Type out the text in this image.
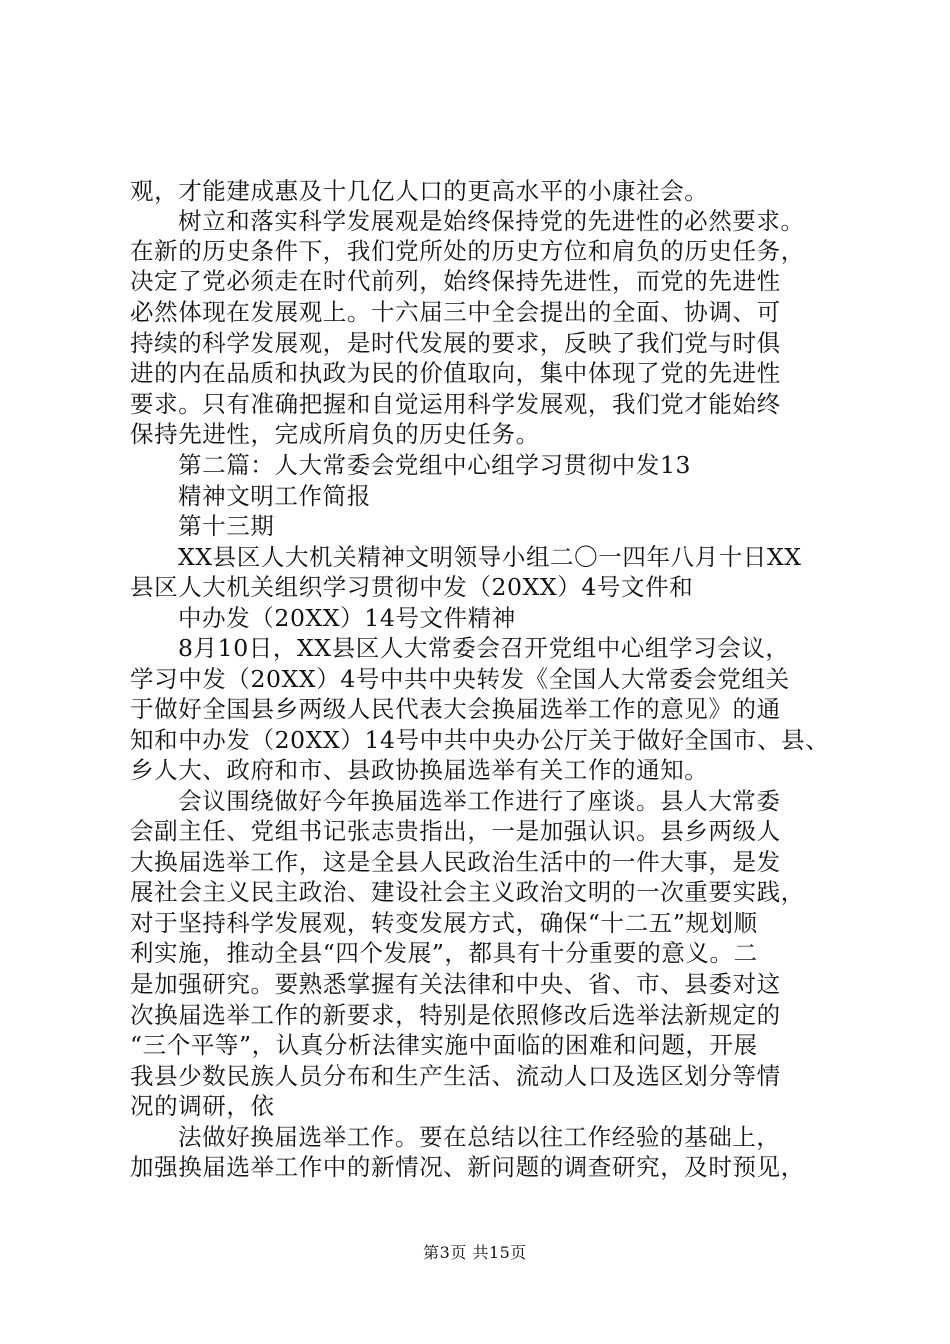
观，才能建成惠及十几亿人口的更高水平的小康社会。
树立和落实科学发展观是始终保持党的先进性的必然要求。
在新的历史条件下，我们党所处的历史方位和肩负的历史任务，
决定了党必须走在时代前列，始终保持先进性，而党的先进性
必然体现在发展观上。十六届三中全会提出的全面、协调、可
持续的科学发展观，是时代发展的要求，反映了我们党与时俱
进的内在品质和执政为民的价值取向，集中体现了党的先进性
要求。只有准确把握和自觉运用科学发展观，我们党才能始终
保持先进性，完成所肩负的历史任务。
第二篇：人大常委会党组中心组学习贯彻中发13
精神文明工作简报
第十三期
XX县区人大机关精神文明领导小组二〇一四年八月十日XX
县区人大机关组织学习贯彻中发（20XX）4号文件和
中办发（20XX）14号文件精神
8月10日，XX县区人大常委会召开党组中心组学习会议，
学习中发（20XX）4号中共中央转发《全国人大常委会党组关
于做好全国县乡两级人民代表大会换届选举工作的意见》的通
知和中办发（20XX）14号中共中央办公厅关于做好全国市、县、
乡人大、政府和市、县政协换届选举有关工作的通知。
会议围绕做好今年换届选举工作进行了座谈。县人大常委
会副主任、党组书记张志贵指出，一是加强认识。县乡两级人
大换届选举工作，这是全县人民政治生活中的一件大事，是发
展社会主义民主政治、建设社会主义政治文明的一次重要实践，
对于坚持科学发展观，转变发展方式，确保“十二五”规划顺
利实施，推动全县“四个发展”，都具有十分重要的意义。二
是加强研究。要熟悉掌握有关法律和中央、省、市、县委对这
次换届选举工作的新要求，特别是依照修改后选举法新规定的
“三个平等”，认真分析法律实施中面临的困难和问题，开展
我县少数民族人员分布和生产生活、流动人口及选区划分等情
况的调研，依
法做好换届选举工作。要在总结以往工作经验的基础上，
加强换届选举工作中的新情况、新问题的调查研究，及时预见，
第3页 共15页
